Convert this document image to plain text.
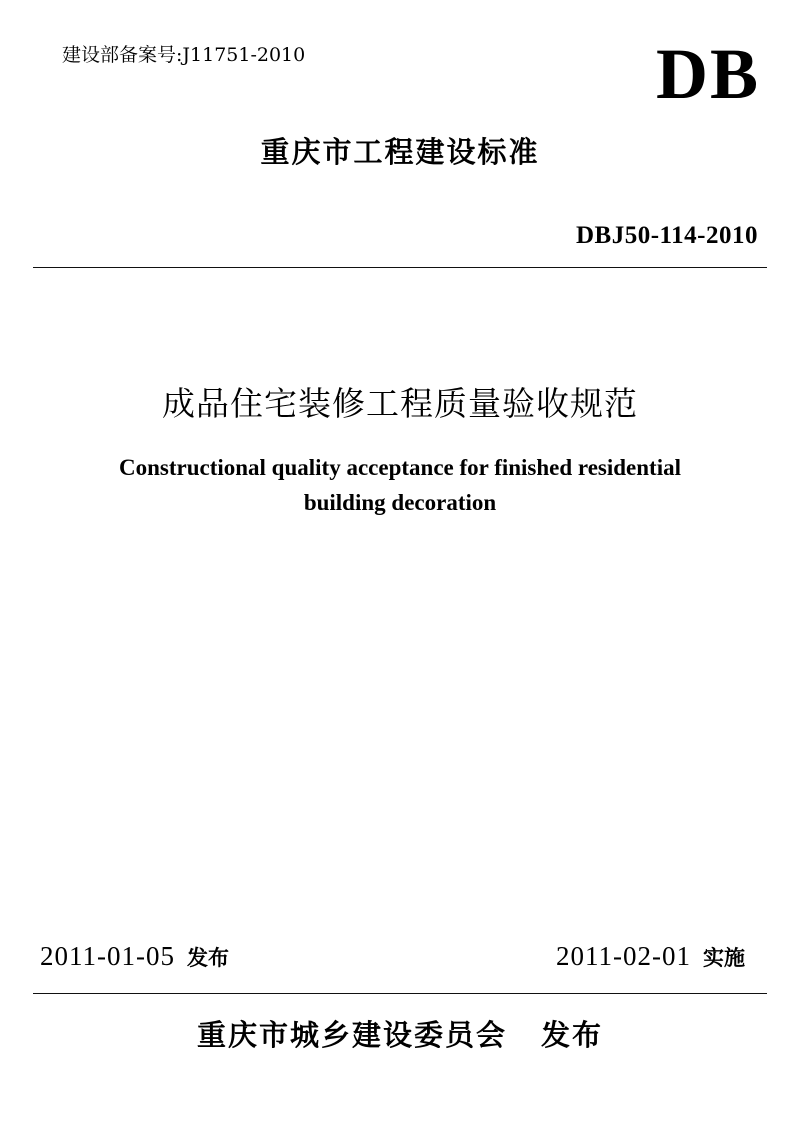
建设部备案号:J11751-2010	DB
重庆市工程建设标准
DBJ50-114-2010
成品住宅装修工程质量验收规范
Constructional quality acceptance for finished residential
building decoration
2011-01-05 发布	2011-02-01 实施
重庆市城乡建设委员会 发布
